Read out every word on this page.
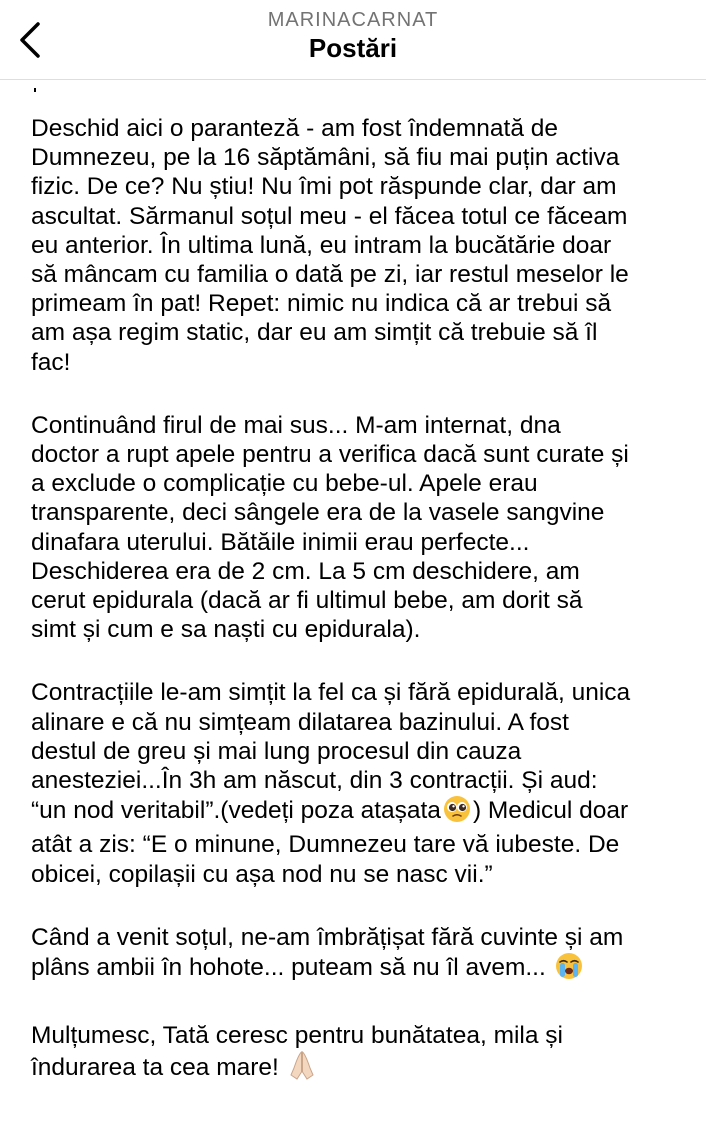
MARINACARNAT
Postări

Deschid aici o paranteză - am fost îndemnată de
Dumnezeu, pe la 16 săptămâni, să fiu mai puțin activa
fizic. De ce? Nu știu! Nu îmi pot răspunde clar, dar am
ascultat. Sărmanul soțul meu - el făcea totul ce făceam
eu anterior. În ultima lună, eu intram la bucătărie doar
să mâncam cu familia o dată pe zi, iar restul meselor le
primeam în pat! Repet: nimic nu indica că ar trebui să
am așa regim static, dar eu am simțit că trebuie să îl
fac!

Continuând firul de mai sus... M-am internat, dna
doctor a rupt apele pentru a verifica dacă sunt curate și
a exclude o complicație cu bebe-ul. Apele erau
transparente, deci sângele era de la vasele sangvine
dinafara uterului. Bătăile inimii erau perfecte...
Deschiderea era de 2 cm. La 5 cm deschidere, am
cerut epidurala (dacă ar fi ultimul bebe, am dorit să
simt și cum e sa naști cu epidurala).

Contracțiile le-am simțit la fel ca și fără epidurală, unica
alinare e că nu simțeam dilatarea bazinului. A fost
destul de greu și mai lung procesul din cauza
anesteziei...În 3h am născut, din 3 contracții. Și aud:
“un nod veritabil”.(vedeți poza atașata ) Medicul doar
atât a zis: “E o minune, Dumnezeu tare vă iubeste. De
obicei, copilașii cu așa nod nu se nasc vii.”

Când a venit soțul, ne-am îmbrățișat fără cuvinte și am
plâns ambii în hohote... puteam să nu îl avem...

Mulțumesc, Tată ceresc pentru bunătatea, mila și
îndurarea ta cea mare!
